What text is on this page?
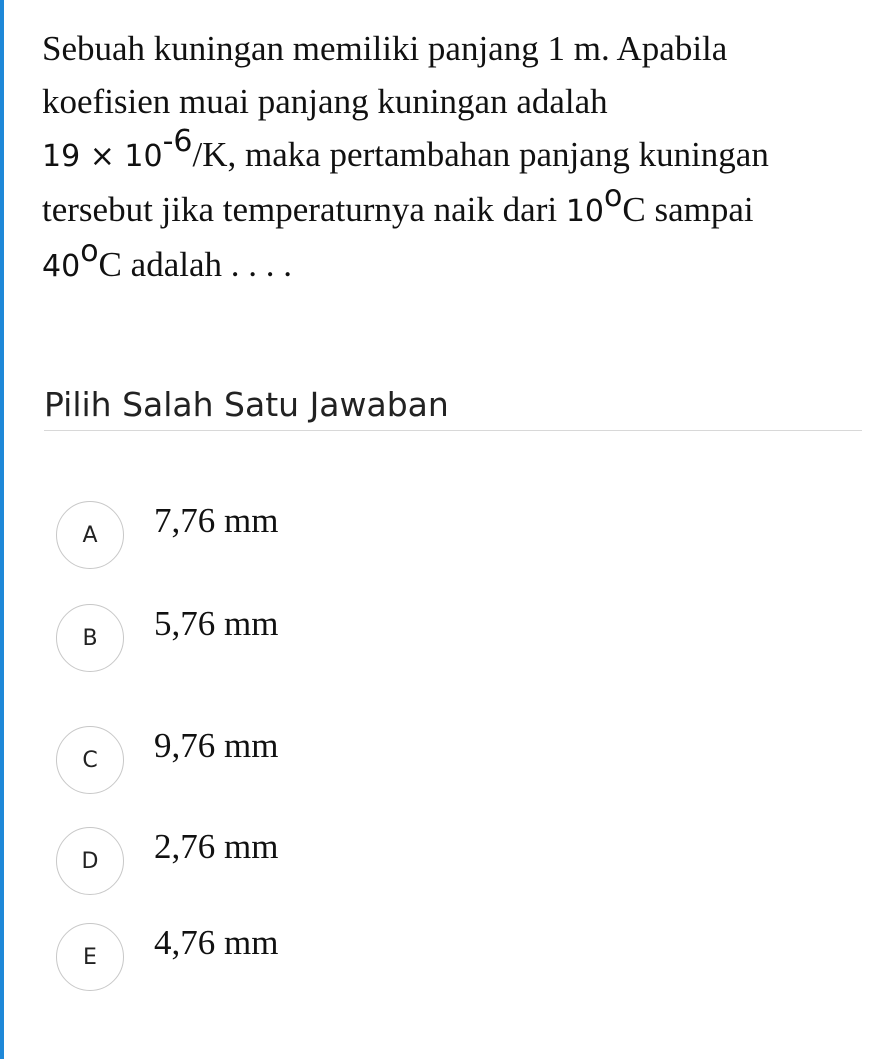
Sebuah kuningan memiliki panjang 1 m. Apabila
koefisien muai panjang kuningan adalah
$19 \times 10^{-6}/K$, maka pertambahan panjang kuningan
tersebut jika temperaturnya naik dari 10$^o$C sampai
40$^o$C adalah . . . .
Pilih Salah Satu Jawaban
A	7,76 mm
B	5,76 mm
C	9,76 mm
D	2,76 mm
E	4,76 mm
